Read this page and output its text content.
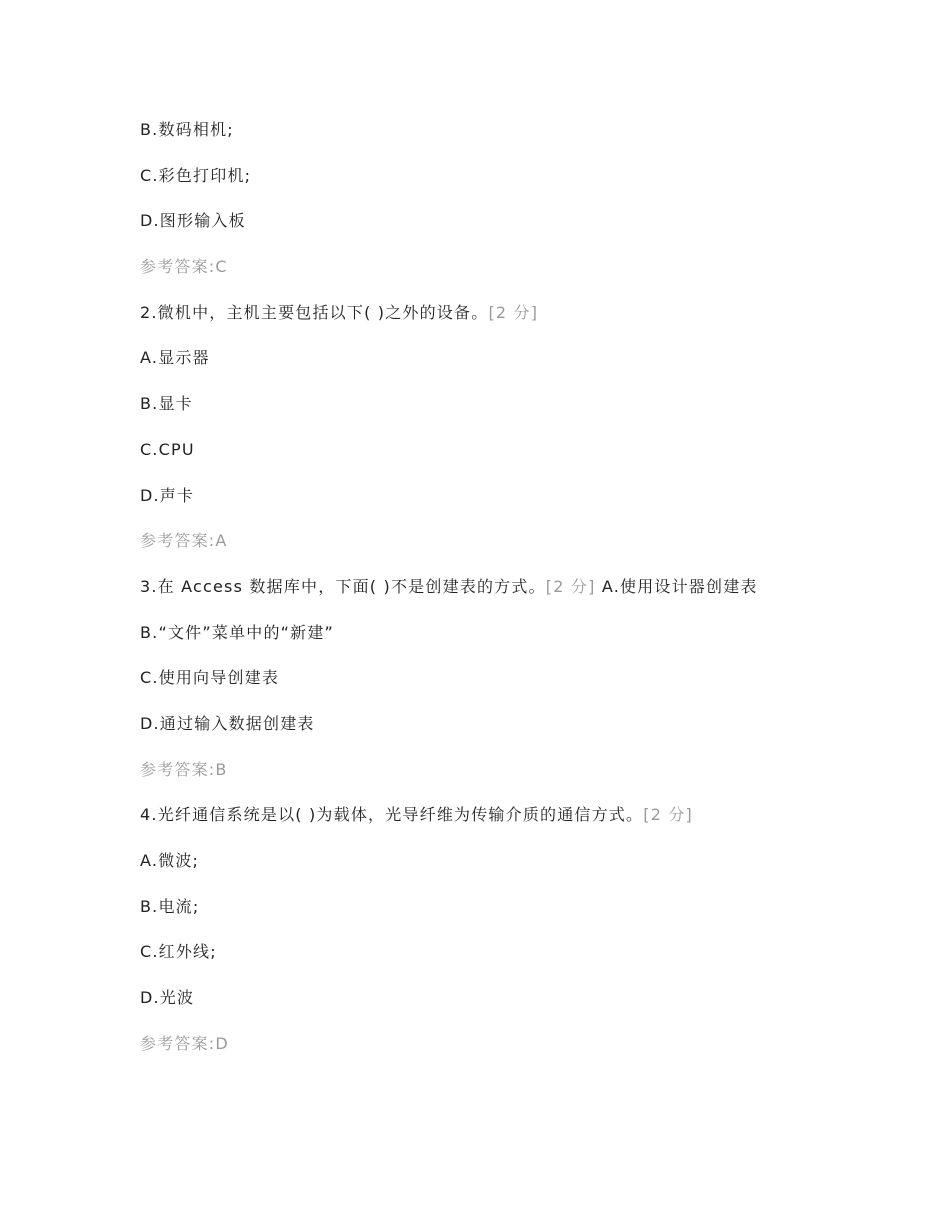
B.数码相机;
C.彩色打印机;
D.图形输入板
参考答案:C
2.微机中，主机主要包括以下( )之外的设备。[2 分]
A.显示器
B.显卡
C.CPU
D.声卡
参考答案:A
3.在 Access 数据库中，下面( )不是创建表的方式。[2 分] A.使用设计器创建表
B.“文件”菜单中的“新建”
C.使用向导创建表
D.通过输入数据创建表
参考答案:B
4.光纤通信系统是以( )为载体，光导纤维为传输介质的通信方式。[2 分]
A.微波;
B.电流;
C.红外线;
D.光波
参考答案:D
